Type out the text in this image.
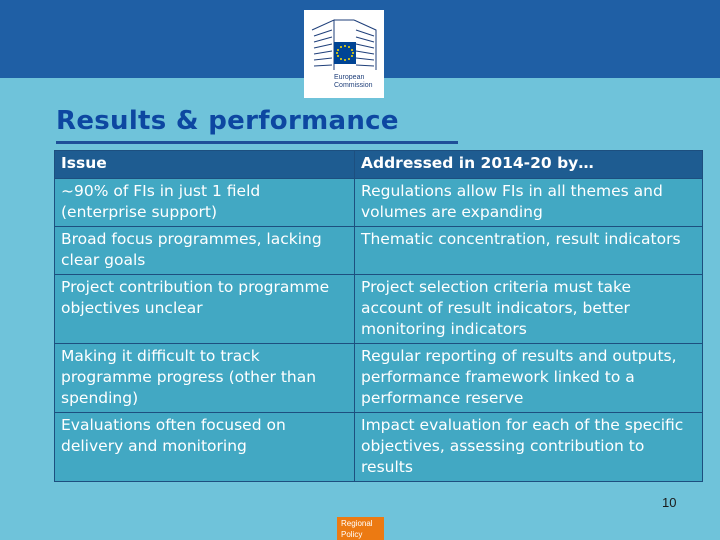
European
Commission
Results & performance
Issue	Addressed in 2014-20 by…
~90% of FIs in just 1 field (enterprise support)	Regulations allow FIs in all themes and volumes are expanding
Broad focus programmes, lacking clear goals	Thematic concentration, result indicators
Project contribution to programme objectives unclear	Project selection criteria must take account of result indicators, better monitoring indicators
Making it difficult to track programme progress (other than spending)	Regular reporting of results and outputs, performance framework linked to a performance reserve
Evaluations often focused on delivery and monitoring	Impact evaluation for each of the specific objectives, assessing contribution to results
10
Regional
Policy
